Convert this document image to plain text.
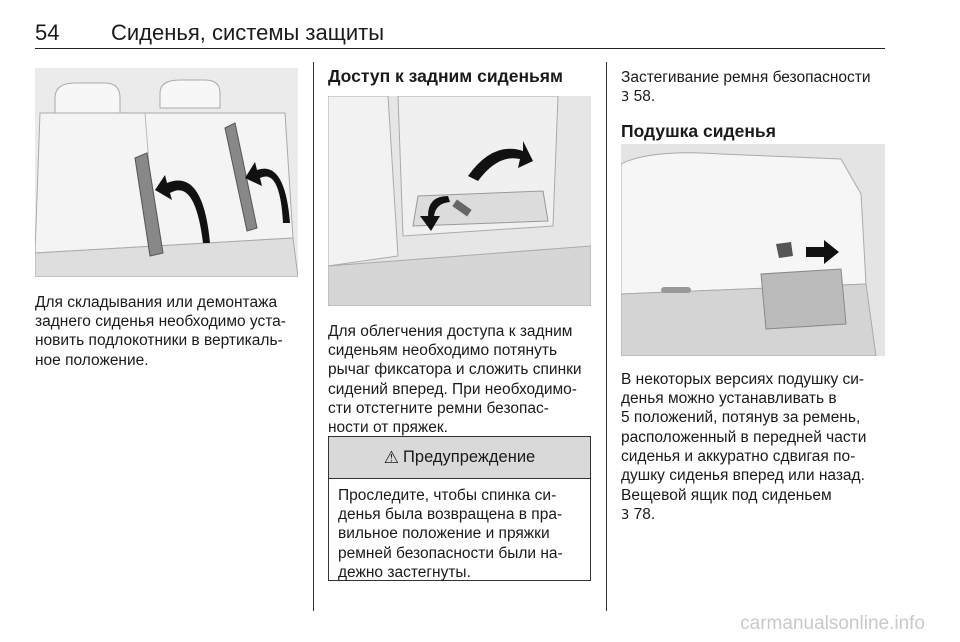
54 Сиденья, системы защиты

Для складывания или демонтажа
заднего сиденья необходимо уста-
новить подлокотники в вертикаль-
ное положение.

Доступ к задним сиденьям

Для облегчения доступа к задним
сиденьям необходимо потянуть
рычаг фиксатора и сложить спинки
сидений вперед. При необходимо-
сти отстегните ремни безопас-
ности от пряжек.

⚠ Предупреждение

Проследите, чтобы спинка си-
денья была возвращена в пра-
вильное положение и пряжки
ремней безопасности были на-
дежно застегнуты.

Застегивание ремня безопасности
3 58.

Подушка сиденья

В некоторых версиях подушку си-
денья можно устанавливать в
5 положений, потянув за ремень,
расположенный в передней части
сиденья и аккуратно сдвигая по-
душку сиденья вперед или назад.

Вещевой ящик под сиденьем
3 78.

carmanualsonline.info
